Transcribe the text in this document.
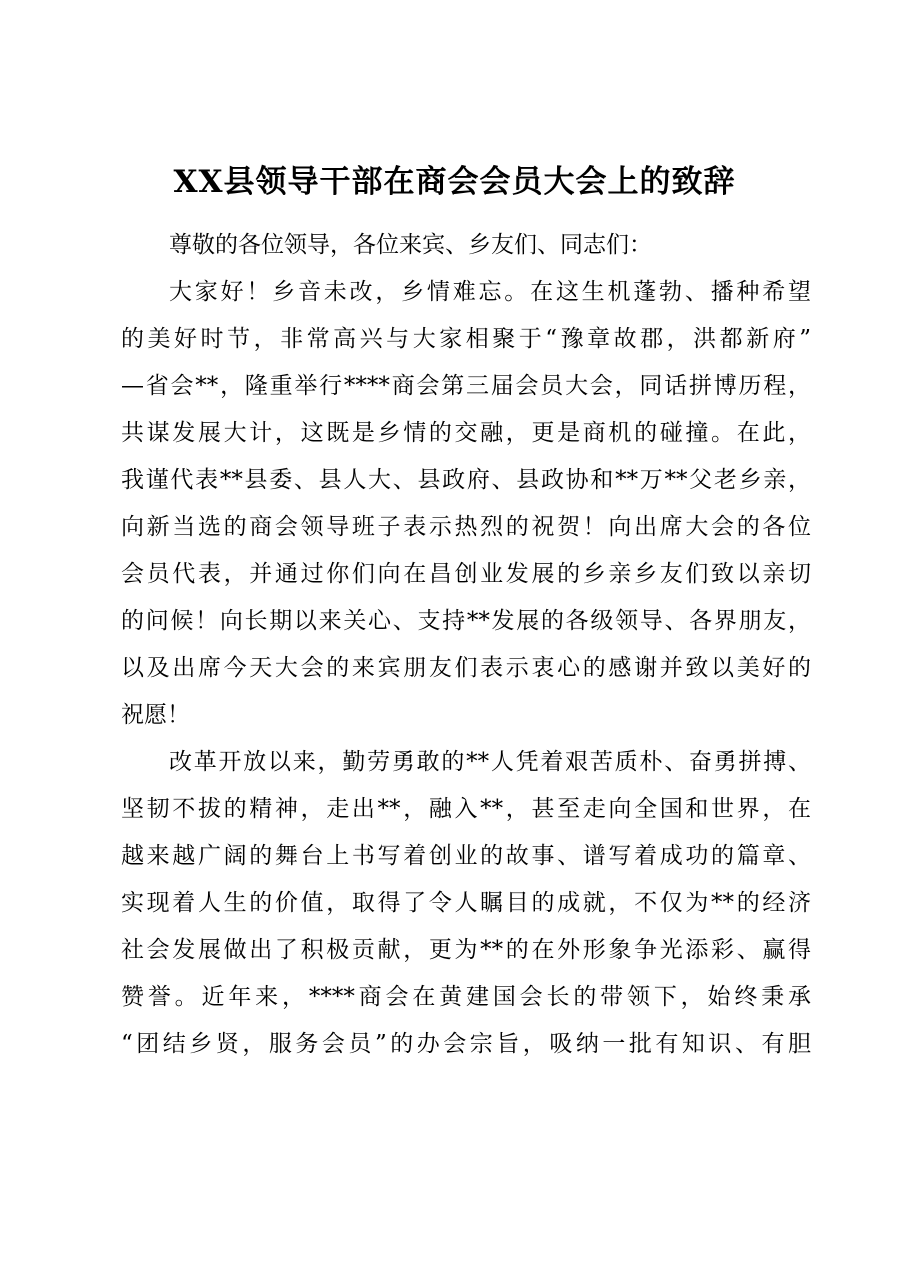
XX县领导干部在商会会员大会上的致辞
尊敬的各位领导，各位来宾、乡友们、同志们：
大家好！乡音未改，乡情难忘。在这生机蓬勃、播种希望
的美好时节，非常高兴与大家相聚于“豫章故郡，洪都新府”
—省会**，隆重举行****商会第三届会员大会，同话拼博历程，
共谋发展大计，这既是乡情的交融，更是商机的碰撞。在此，
我谨代表**县委、县人大、县政府、县政协和**万**父老乡亲，
向新当选的商会领导班子表示热烈的祝贺！向出席大会的各位
会员代表，并通过你们向在昌创业发展的乡亲乡友们致以亲切
的问候！向长期以来关心、支持**发展的各级领导、各界朋友，
以及出席今天大会的来宾朋友们表示衷心的感谢并致以美好的
祝愿！
改革开放以来，勤劳勇敢的**人凭着艰苦质朴、奋勇拼搏、
坚韧不拔的精神，走出**，融入**，甚至走向全国和世界，在
越来越广阔的舞台上书写着创业的故事、谱写着成功的篇章、
实现着人生的价值，取得了令人瞩目的成就，不仅为**的经济
社会发展做出了积极贡献，更为**的在外形象争光添彩、赢得
赞誉。近年来，****商会在黄建国会长的带领下，始终秉承
“团结乡贤，服务会员”的办会宗旨，吸纳一批有知识、有胆
